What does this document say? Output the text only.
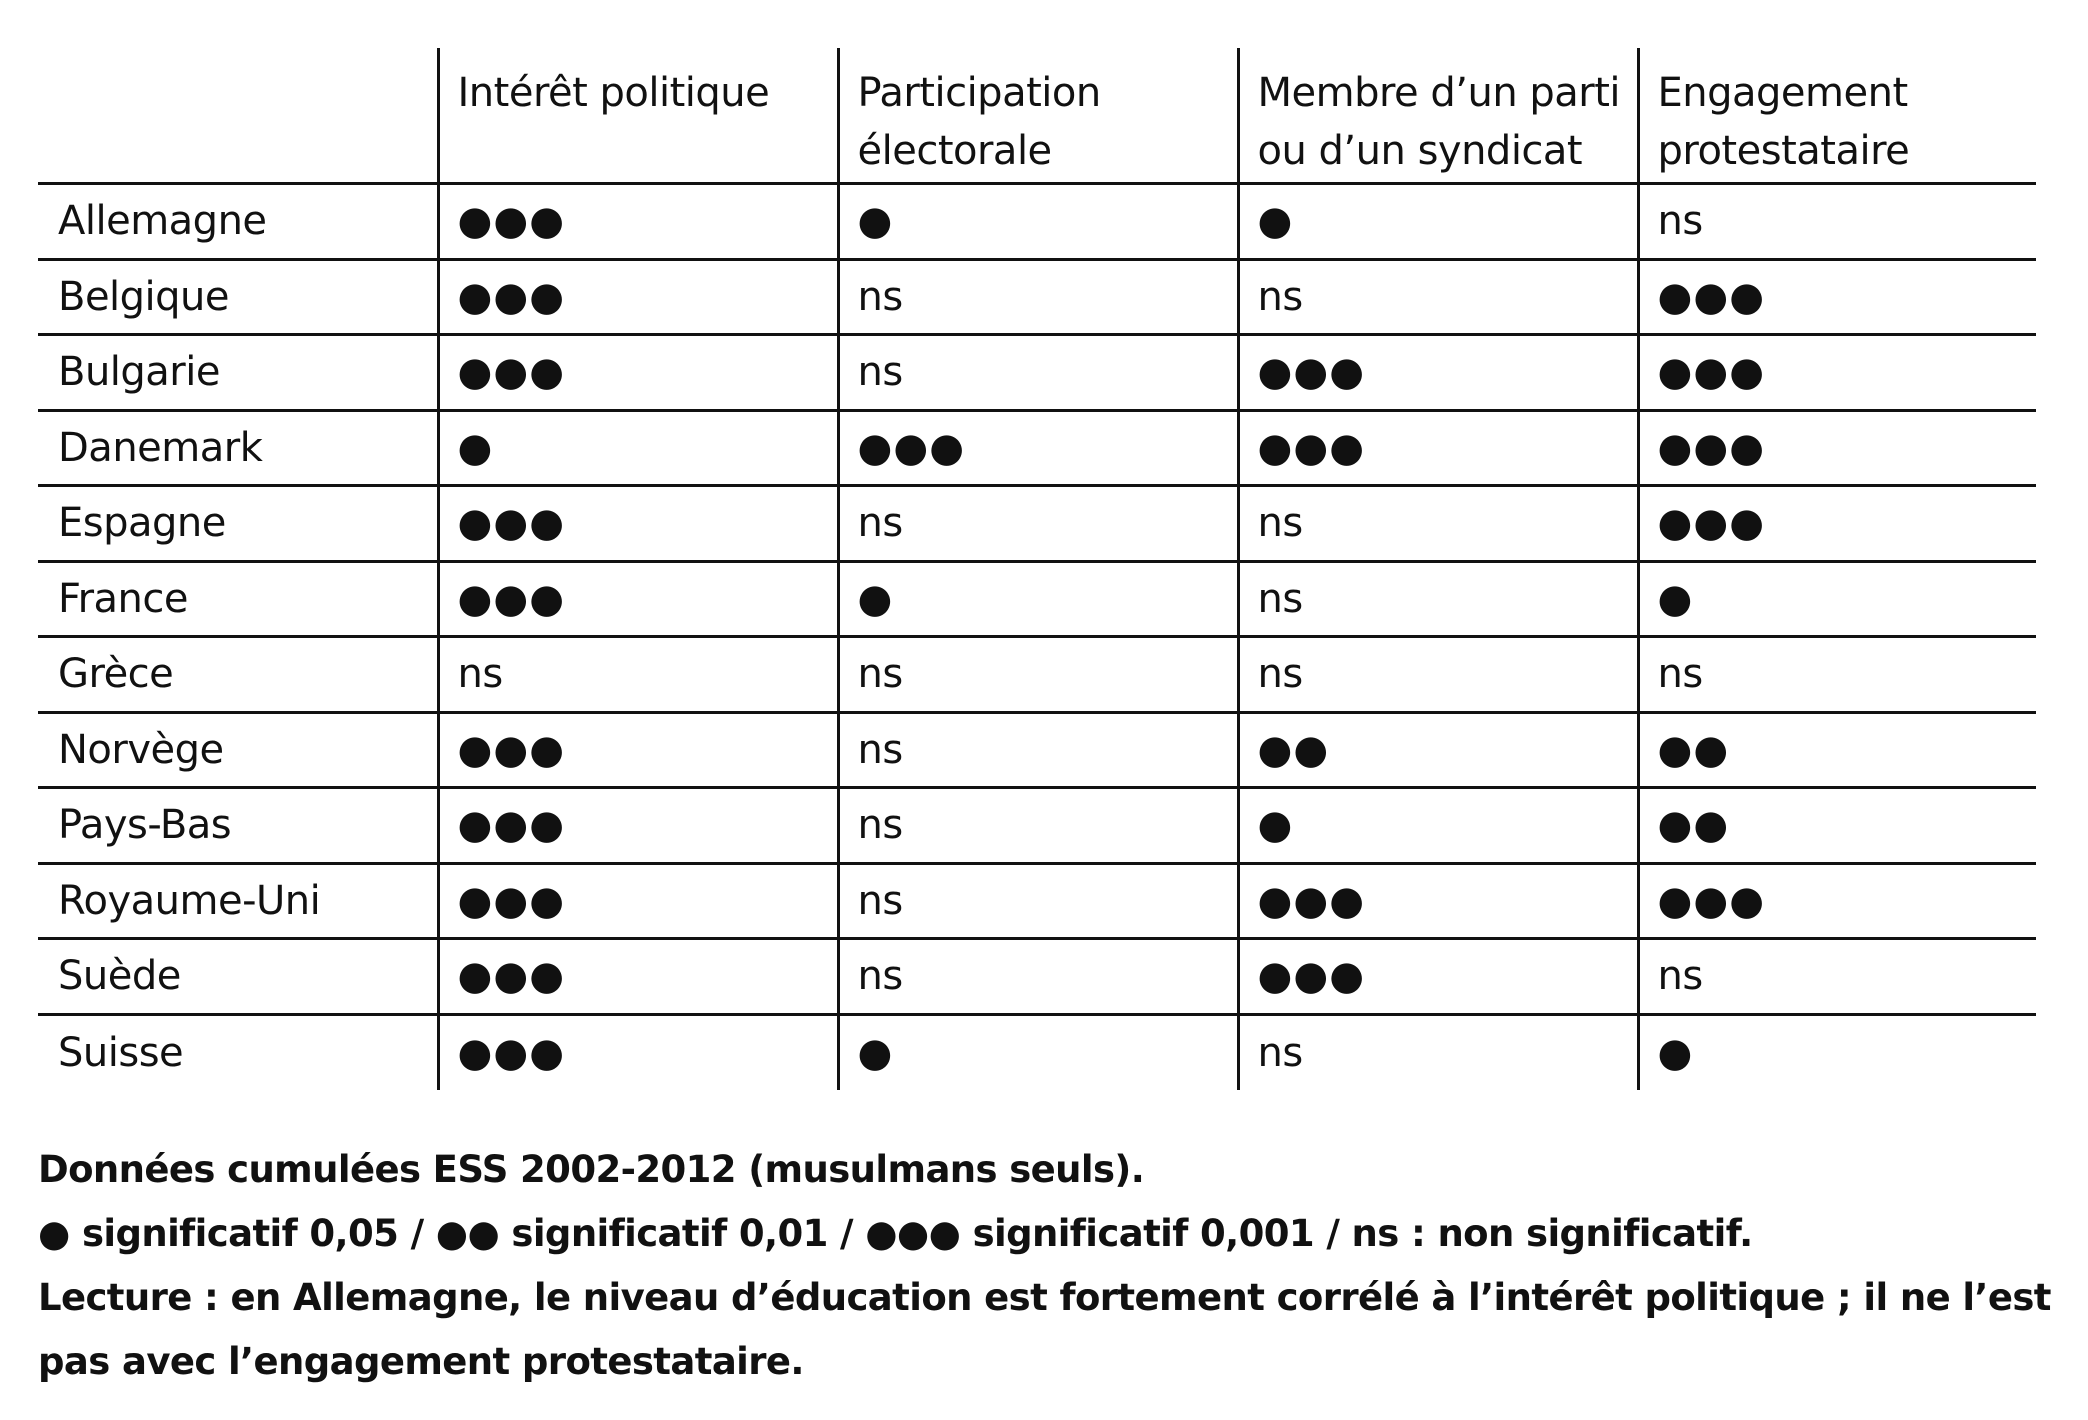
	Intérêt politique	Participation électorale	Membre d’un parti ou d’un syndicat	Engagement protestataire
Allemagne	●●●	●	●	ns
Belgique	●●●	ns	ns	●●●
Bulgarie	●●●	ns	●●●	●●●
Danemark	●	●●●	●●●	●●●
Espagne	●●●	ns	ns	●●●
France	●●●	●	ns	●
Grèce	ns	ns	ns	ns
Norvège	●●●	ns	●●	●●
Pays-Bas	●●●	ns	●	●●
Royaume-Uni	●●●	ns	●●●	●●●
Suède	●●●	ns	●●●	ns
Suisse	●●●	●	ns	●

Données cumulées ESS 2002-2012 (musulmans seuls).

● significatif 0,05 / ●● significatif 0,01 / ●●● significatif 0,001 / ns : non significatif.

Lecture : en Allemagne, le niveau d’éducation est fortement corrélé à l’intérêt politique ; il ne l’est pas avec l’engagement protestataire.
